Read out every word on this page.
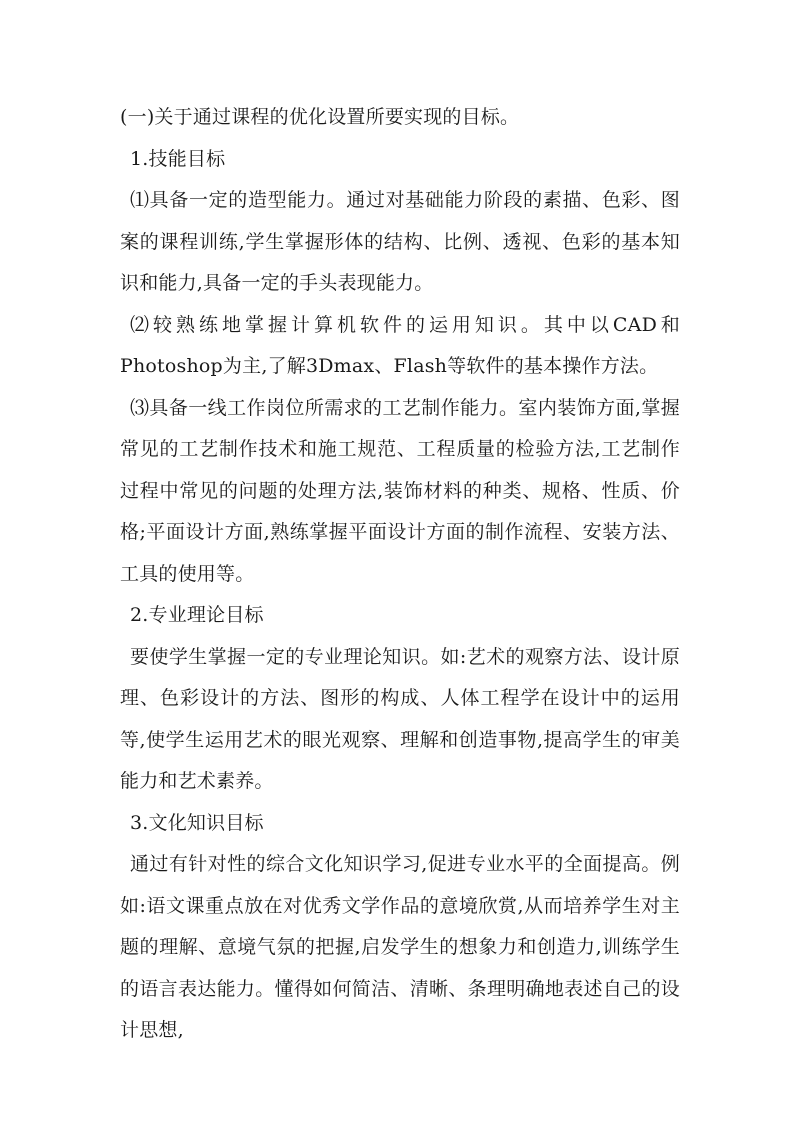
(一)关于通过课程的优化设置所要实现的目标。

1.技能目标

⑴具备一定的造型能力。通过对基础能力阶段的素描、色彩、图案的课程训练,学生掌握形体的结构、比例、透视、色彩的基本知识和能力,具备一定的手头表现能力。

⑵较熟练地掌握计算机软件的运用知识。其中以CAD和Photoshop为主,了解3Dmax、Flash等软件的基本操作方法。

⑶具备一线工作岗位所需求的工艺制作能力。室内装饰方面,掌握常见的工艺制作技术和施工规范、工程质量的检验方法,工艺制作过程中常见的问题的处理方法,装饰材料的种类、规格、性质、价格;平面设计方面,熟练掌握平面设计方面的制作流程、安装方法、工具的使用等。

2.专业理论目标

要使学生掌握一定的专业理论知识。如:艺术的观察方法、设计原理、色彩设计的方法、图形的构成、人体工程学在设计中的运用等,使学生运用艺术的眼光观察、理解和创造事物,提高学生的审美能力和艺术素养。

3.文化知识目标

通过有针对性的综合文化知识学习,促进专业水平的全面提高。例如:语文课重点放在对优秀文学作品的意境欣赏,从而培养学生对主题的理解、意境气氛的把握,启发学生的想象力和创造力,训练学生的语言表达能力。懂得如何简洁、清晰、条理明确地表述自己的设计思想,
